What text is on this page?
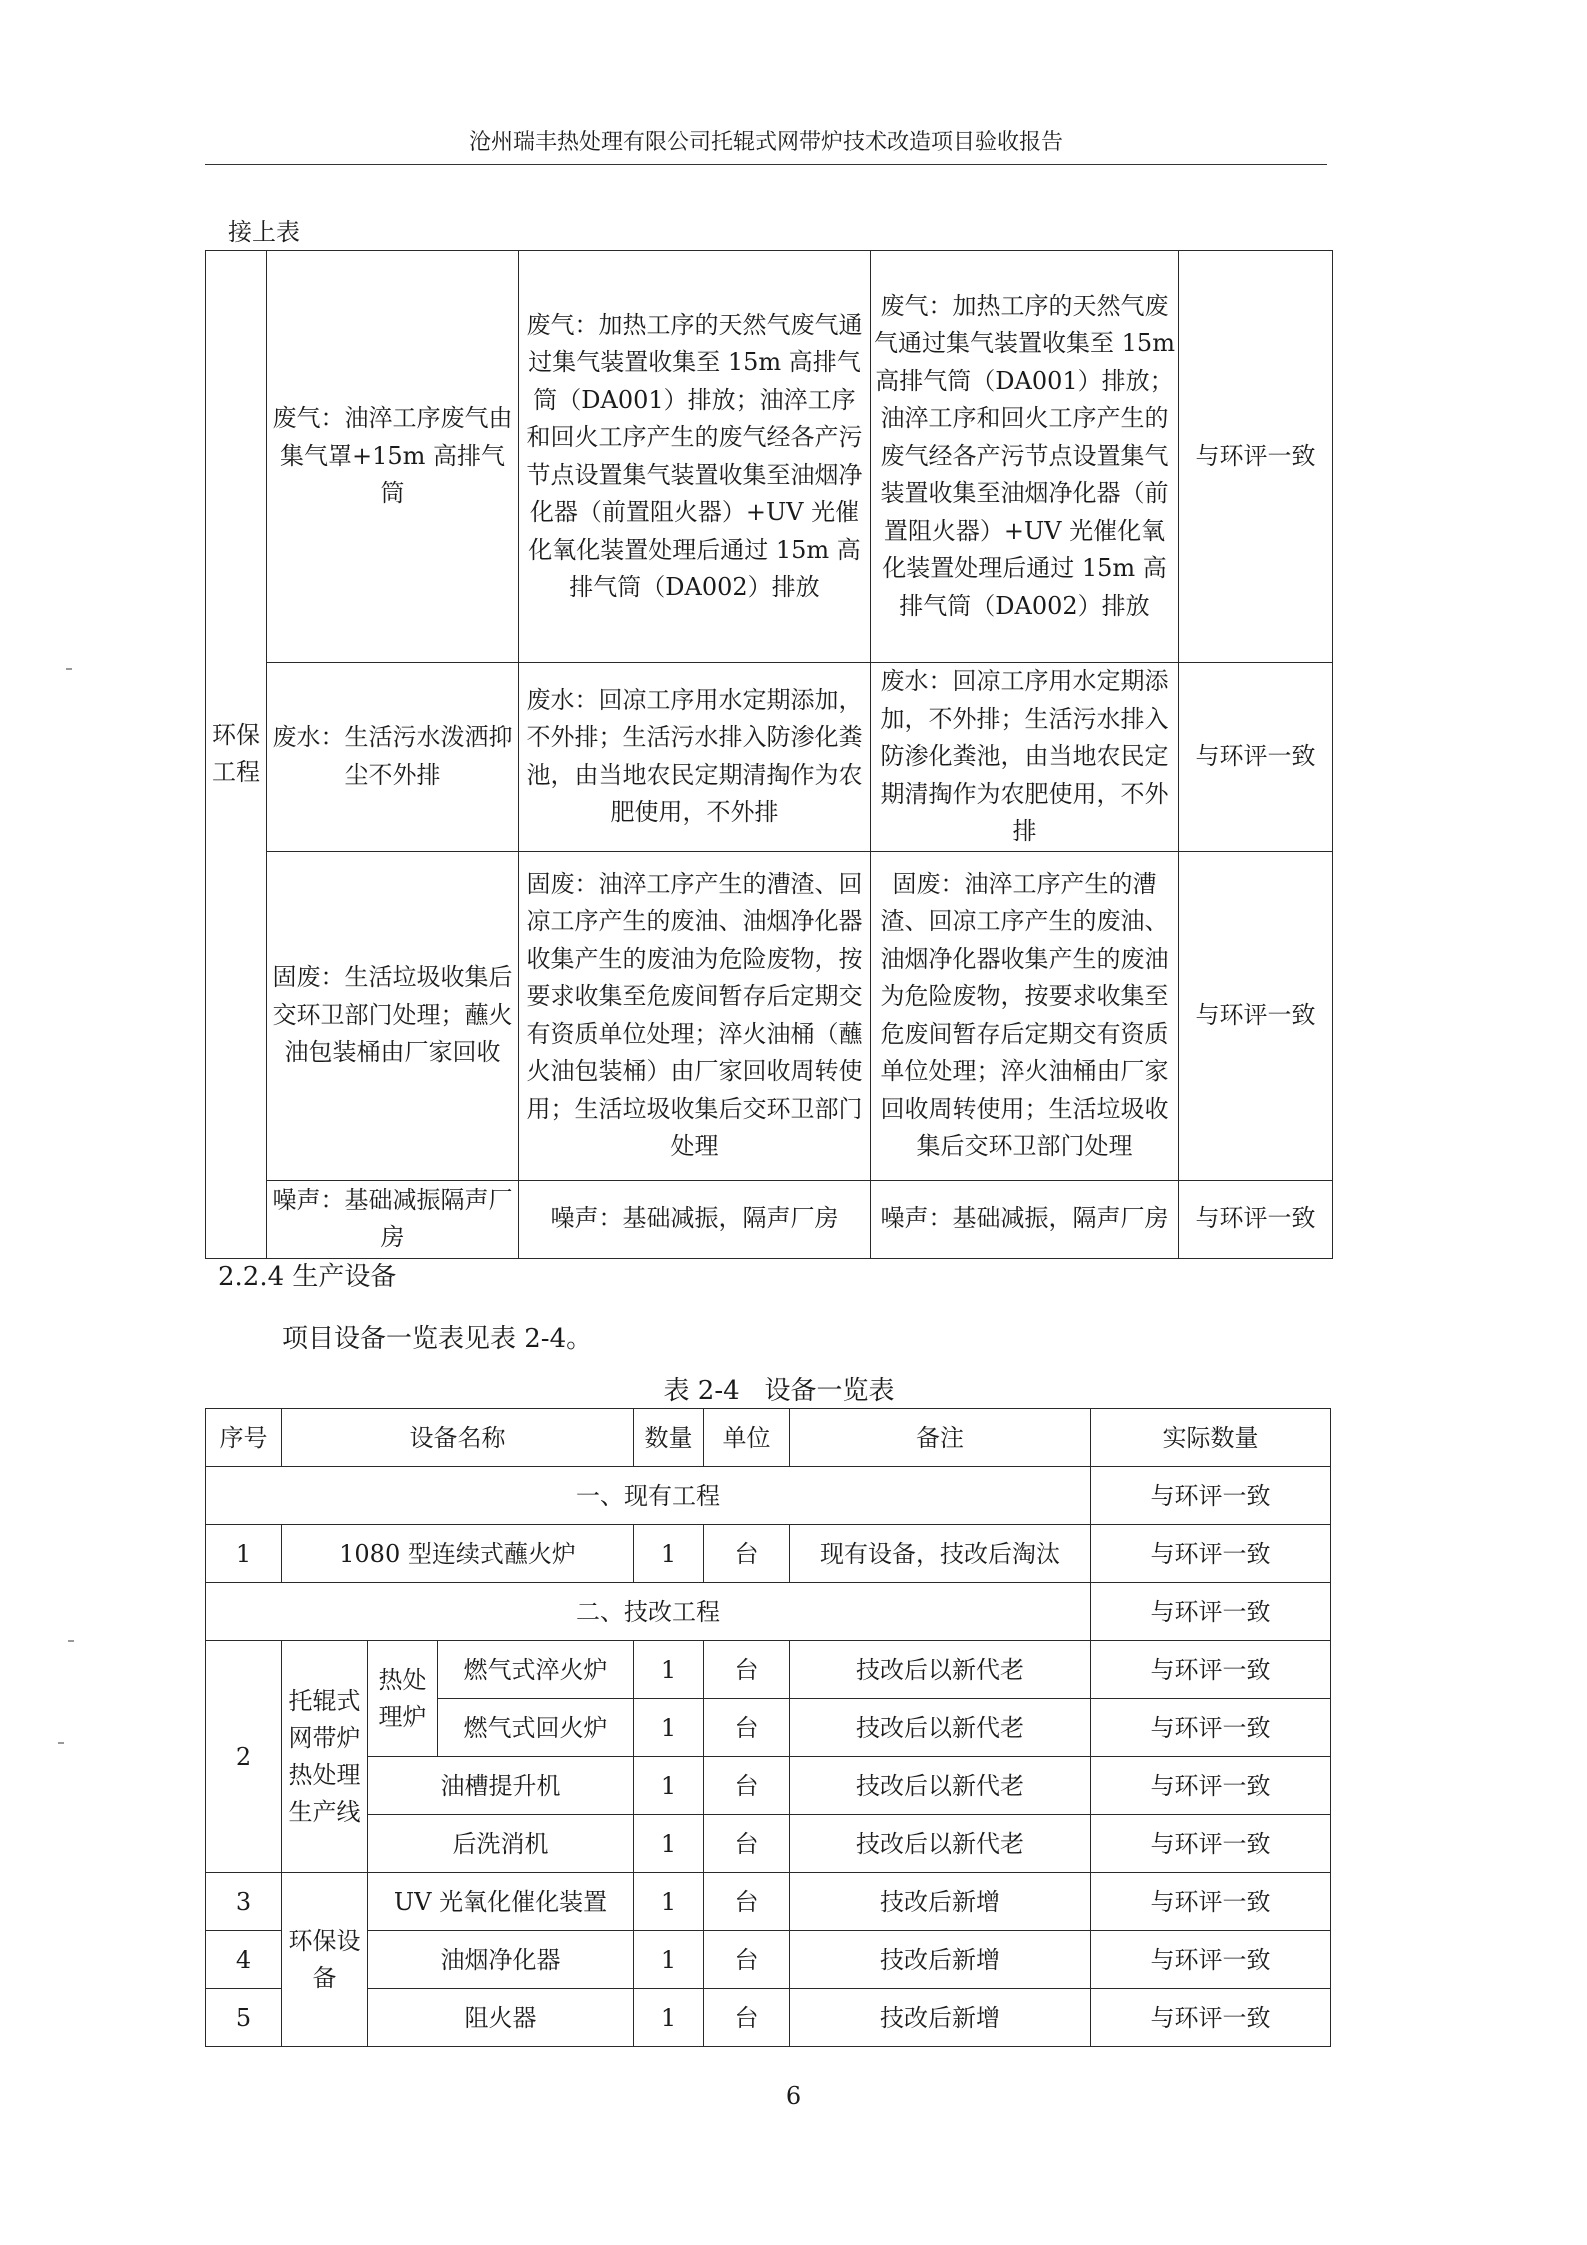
沧州瑞丰热处理有限公司托辊式网带炉技术改造项目验收报告
接上表
环保工程	废气：油淬工序废气由集气罩+15m 高排气筒	废气：加热工序的天然气废气通过集气装置收集至 15m 高排气筒（DA001）排放；油淬工序和回火工序产生的废气经各产污节点设置集气装置收集至油烟净化器（前置阻火器）+UV 光催化氧化装置处理后通过 15m 高排气筒（DA002）排放	废气：加热工序的天然气废气通过集气装置收集至 15m 高排气筒（DA001）排放；油淬工序和回火工序产生的废气经各产污节点设置集气装置收集至油烟净化器（前置阻火器）+UV 光催化氧化装置处理后通过 15m 高排气筒（DA002）排放	与环评一致
	废水：生活污水泼洒抑尘不外排	废水：回凉工序用水定期添加，不外排；生活污水排入防渗化粪池，由当地农民定期清掏作为农肥使用，不外排	废水：回凉工序用水定期添加，不外排；生活污水排入防渗化粪池，由当地农民定期清掏作为农肥使用，不外排	与环评一致
	固废：生活垃圾收集后交环卫部门处理；蘸火油包装桶由厂家回收	固废：油淬工序产生的漕渣、回凉工序产生的废油、油烟净化器收集产生的废油为危险废物，按要求收集至危废间暂存后定期交有资质单位处理；淬火油桶（蘸火油包装桶）由厂家回收周转使用；生活垃圾收集后交环卫部门处理	固废：油淬工序产生的漕渣、回凉工序产生的废油、油烟净化器收集产生的废油为危险废物，按要求收集至危废间暂存后定期交有资质单位处理；淬火油桶由厂家回收周转使用；生活垃圾收集后交环卫部门处理	与环评一致
	噪声：基础减振隔声厂房	噪声：基础减振，隔声厂房	噪声：基础减振，隔声厂房	与环评一致
2.2.4 生产设备
项目设备一览表见表 2-4。
表 2-4   设备一览表
序号	设备名称			数量	单位	备注	实际数量
一、现有工程							与环评一致
1	1080 型连续式蘸火炉			1	台	现有设备，技改后淘汰	与环评一致
二、技改工程							与环评一致
2	托辊式网带炉热处理生产线	热处理炉	燃气式淬火炉	1	台	技改后以新代老	与环评一致
			燃气式回火炉	1	台	技改后以新代老	与环评一致
		油槽提升机		1	台	技改后以新代老	与环评一致
		后洗消机		1	台	技改后以新代老	与环评一致
3	环保设备	UV 光氧化催化装置		1	台	技改后新增	与环评一致
4		油烟净化器		1	台	技改后新增	与环评一致
5		阻火器		1	台	技改后新增	与环评一致
6
